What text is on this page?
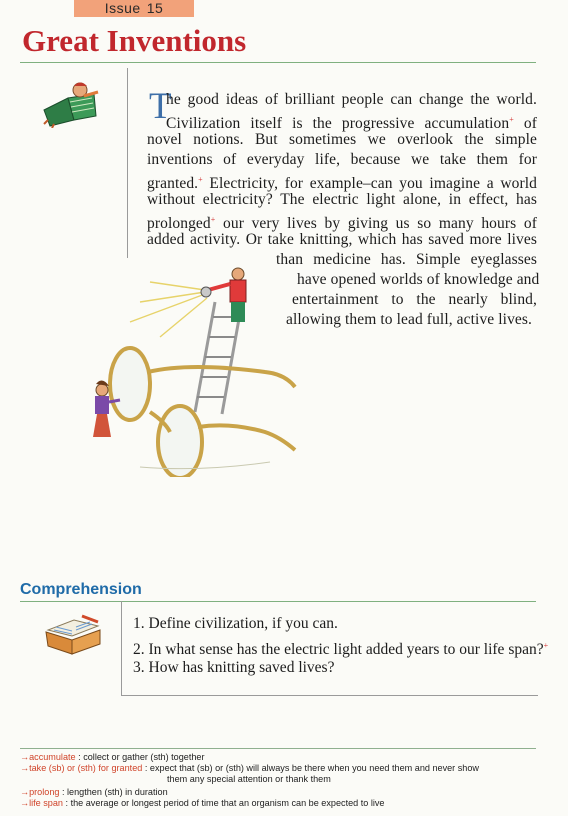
Issue 15
Great Inventions
T
he good ideas of brilliant people can change the world.
Civilization itself is the progressive accumulation+ of
novel notions. But sometimes we overlook the simple
inventions of everyday life, because we take them for
granted.+ Electricity, for example–can you imagine a world
without electricity? The electric light alone, in effect, has
prolonged+ our very lives by giving us so many hours of
added activity. Or take knitting, which has saved more lives
than medicine has. Simple eyeglasses
have opened worlds of knowledge and
entertainment to the nearly blind,
allowing them to lead full, active lives.
Comprehension
1. Define civilization, if you can.
2. In what sense has the electric light added years to our life span?+
3. How has knitting saved lives?
→accumulate : collect or gather (sth) together
→take (sb) or (sth) for granted : expect that (sb) or (sth) will always be there when you need them and never show
them any special attention or thank them
→prolong : lengthen (sth) in duration
→life span : the average or longest period of time that an organism can be expected to live
